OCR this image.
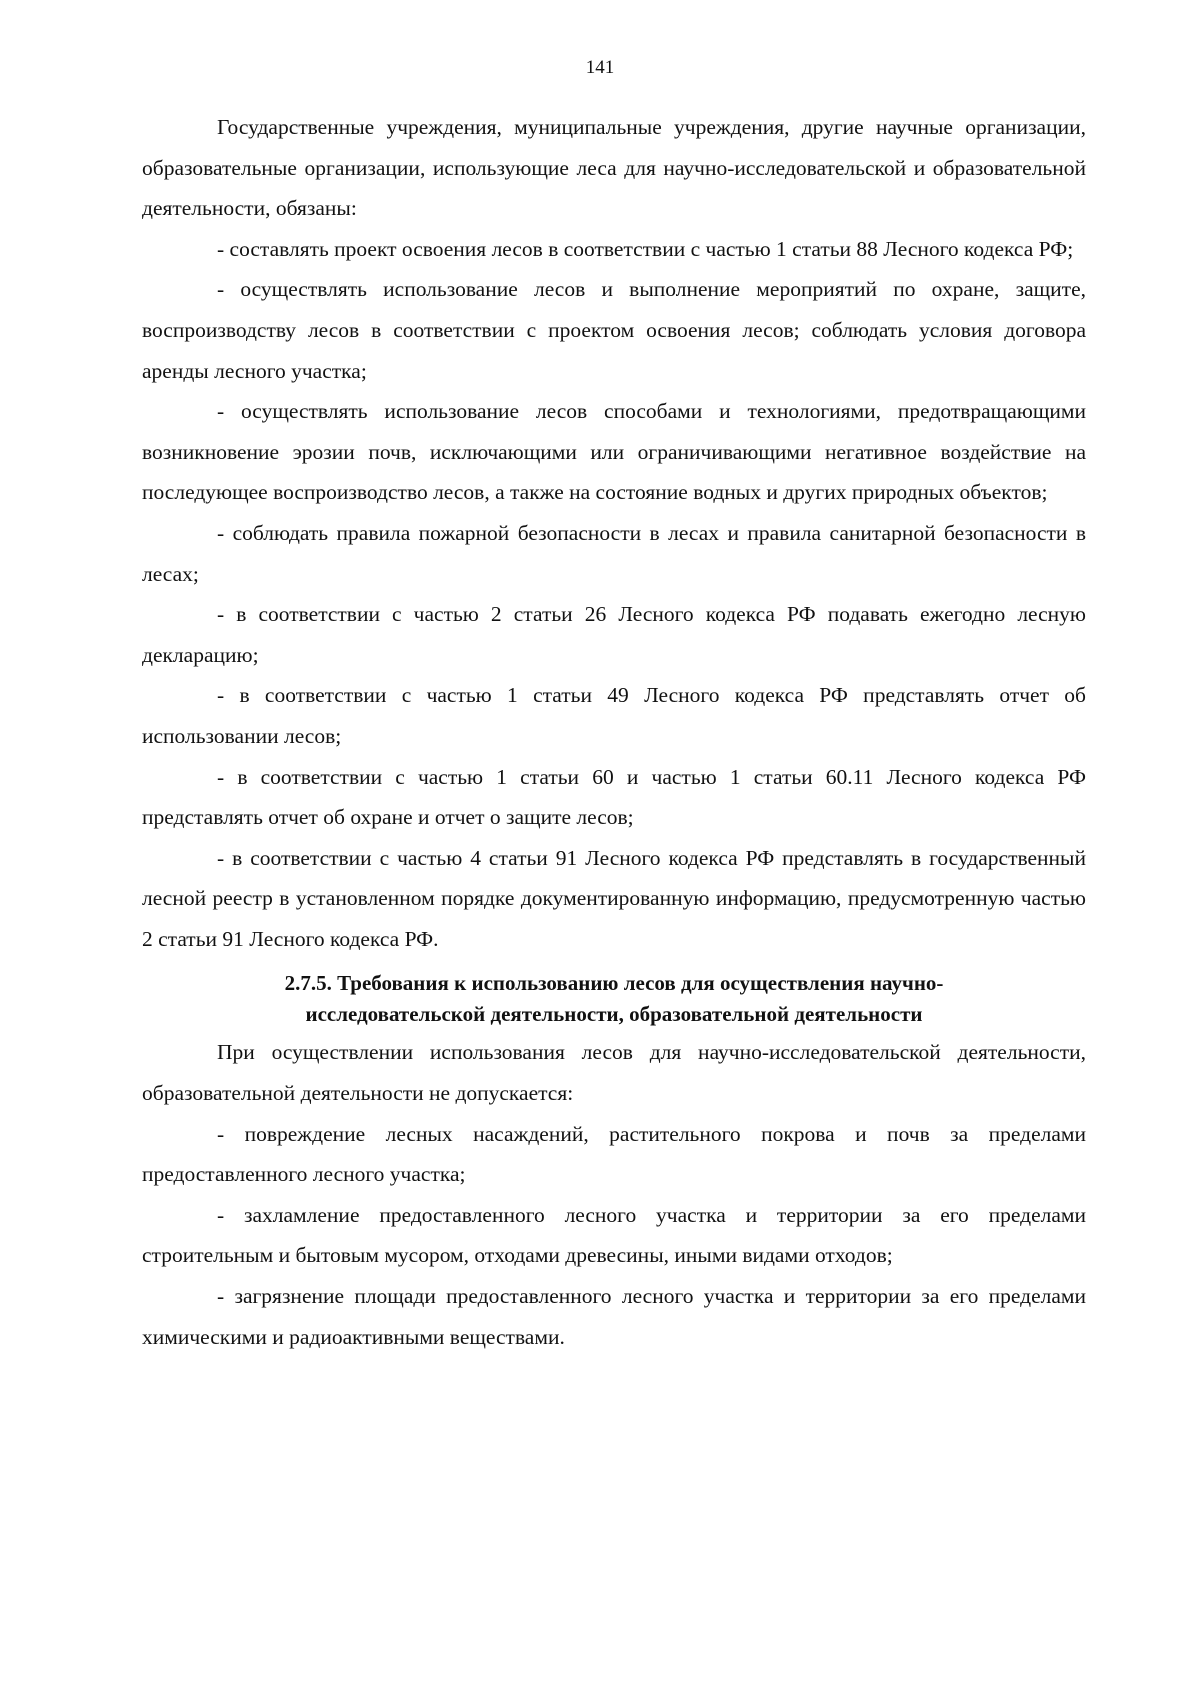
141

Государственные учреждения, муниципальные учреждения, другие научные организации, образовательные организации, использующие леса для научно-исследовательской и образовательной деятельности, обязаны:

- составлять проект освоения лесов в соответствии с частью 1 статьи 88 Лесного кодекса РФ;

- осуществлять использование лесов и выполнение мероприятий по охране, защите, воспроизводству лесов в соответствии с проектом освоения лесов; соблюдать условия договора аренды лесного участка;

- осуществлять использование лесов способами и технологиями, предотвращающими возникновение эрозии почв, исключающими или ограничивающими негативное воздействие на последующее воспроизводство лесов, а также на состояние водных и других природных объектов;

- соблюдать правила пожарной безопасности в лесах и правила санитарной безопасности в лесах;

- в соответствии с частью 2 статьи 26 Лесного кодекса РФ подавать ежегодно лесную декларацию;

- в соответствии с частью 1 статьи 49 Лесного кодекса РФ представлять отчет об использовании лесов;

- в соответствии с частью 1 статьи 60 и частью 1 статьи 60.11 Лесного кодекса РФ представлять отчет об охране и отчет о защите лесов;

- в соответствии с частью 4 статьи 91 Лесного кодекса РФ представлять в государственный лесной реестр в установленном порядке документированную информацию, предусмотренную частью 2 статьи 91 Лесного кодекса РФ.

2.7.5. Требования к использованию лесов для осуществления научно-
исследовательской деятельности, образовательной деятельности

При осуществлении использования лесов для научно-исследовательской деятельности, образовательной деятельности не допускается:

- повреждение лесных насаждений, растительного покрова и почв за пределами предоставленного лесного участка;

- захламление предоставленного лесного участка и территории за его пределами строительным и бытовым мусором, отходами древесины, иными видами отходов;

- загрязнение площади предоставленного лесного участка и территории за его пределами химическими и радиоактивными веществами.
